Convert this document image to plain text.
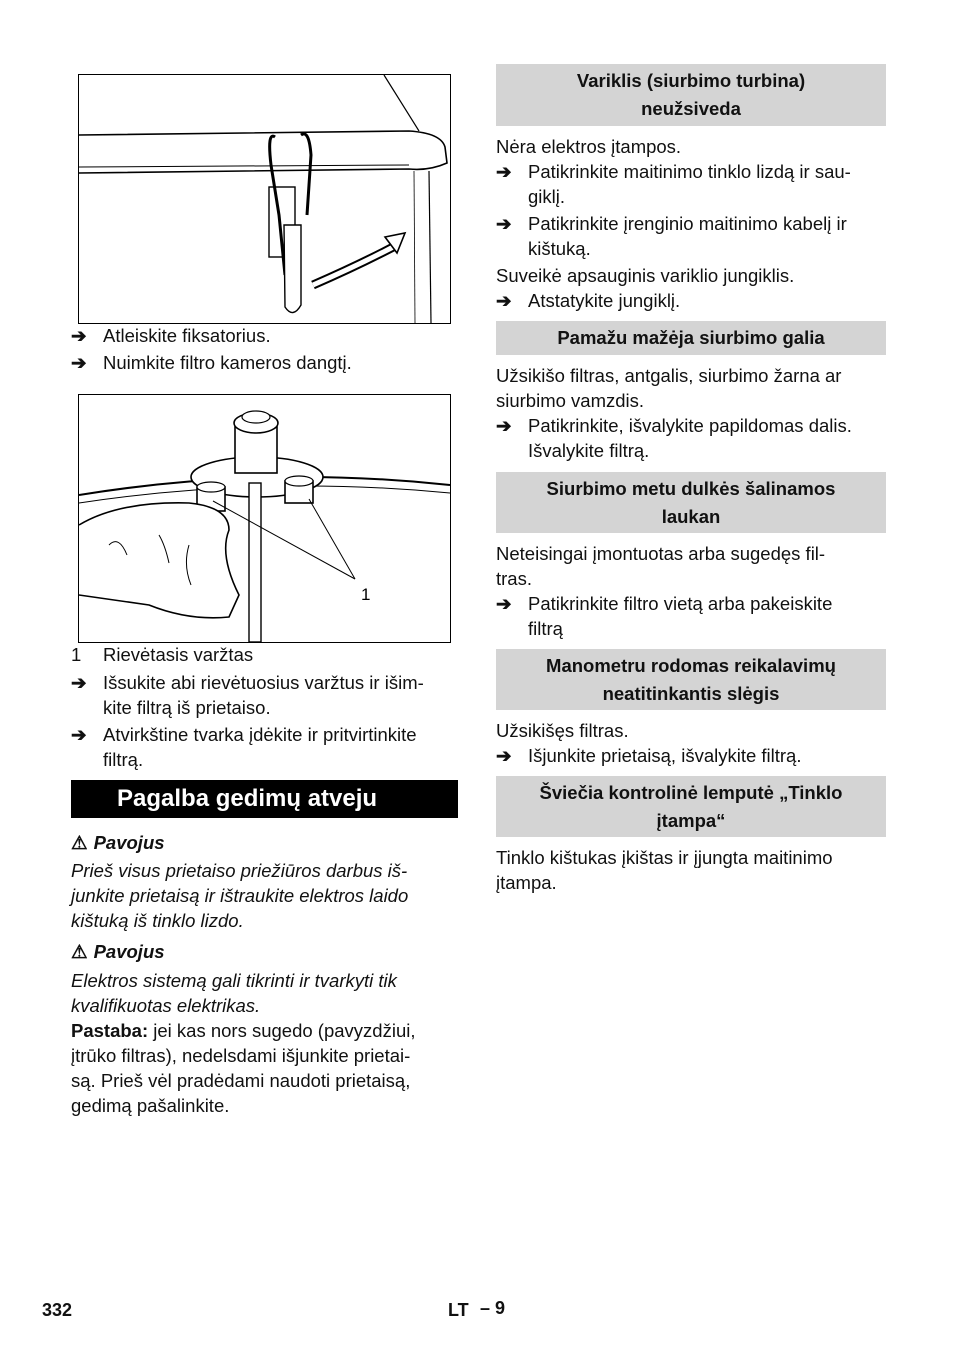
➔ Atleiskite fiksatorius.

➔ Nuimkite filtro kameros dangtį.

1

1 Rievėtasis varžtas

➔ Išsukite abi rievėtuosius varžtus ir išim-
kite filtrą iš prietaiso.

➔ Atvirkštine tvarka įdėkite ir pritvirtinkite
filtrą.

Pagalba gedimų atveju
⚠ Pavojus

Prieš visus prietaiso priežiūros darbus iš-
junkite prietaisą ir ištraukite elektros laido
kištuką iš tinklo lizdo.

⚠ Pavojus

Elektros sistemą gali tikrinti ir tvarkyti tik
kvalifikuotas elektrikas.

Pastaba: jei kas nors sugedo (pavyzdžiui,
įtrūko filtras), nedelsdami išjunkite prietai-
są. Prieš vėl pradėdami naudoti prietaisą,
gedimą pašalinkite.

Variklis (siurbimo turbina)
neužsiveda

Nėra elektros įtampos.

➔ Patikrinkite maitinimo tinklo lizdą ir sau-
giklį.

➔ Patikrinkite įrenginio maitinimo kabelį ir
kištuką.

Suveikė apsauginis variklio jungiklis.

➔ Atstatykite jungiklį.

Pamažu mažėja siurbimo galia

Užsikišo filtras, antgalis, siurbimo žarna ar
siurbimo vamzdis.

➔ Patikrinkite, išvalykite papildomas dalis.
Išvalykite filtrą.

Siurbimo metu dulkės šalinamos
laukan

Neteisingai įmontuotas arba sugedęs fil-
tras.

➔ Patikrinkite filtro vietą arba pakeiskite
filtrą

Manometru rodomas reikalavimų
neatitinkantis slėgis

Užsikišęs filtras.

➔ Išjunkite prietaisą, išvalykite filtrą.

Šviečia kontrolinė lemputė „Tinklo
įtampa“

Tinklo kištukas įkištas ir įjungta maitinimo
įtampa.

332	LT – 9
